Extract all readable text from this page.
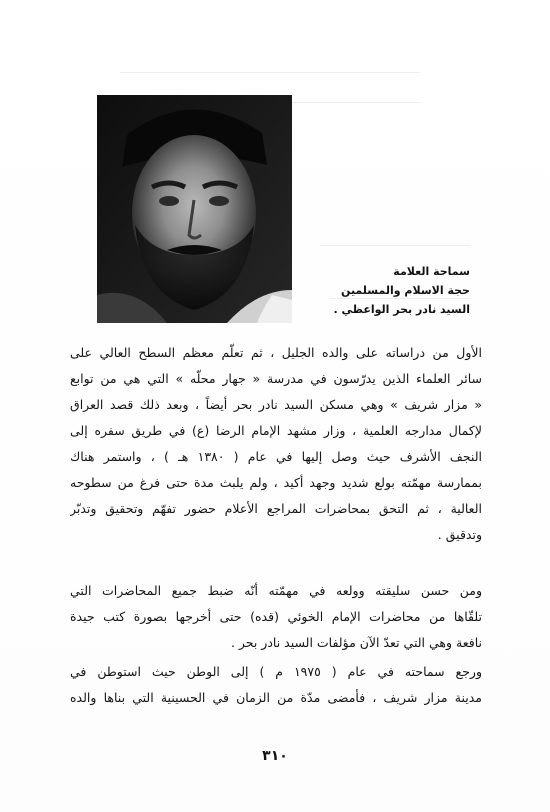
سماحة العلامة
حجة الاسلام والمسلمين
السيد نادر بحر الواعظي .
الأول من دراساته على والده الجليل ، ثم تعلّم معظم السطح العالي على
سائر العلماء الذين يدرّسون في مدرسة « جهار محلّه » التي هي من توابع
« مزار شريف » وهي مسكن السيد نادر بحر أيضاً ، وبعد ذلك قصد العراق
لإكمال مدارجه العلمية ، وزار مشهد الإمام الرضا (ع) في طريق سفره إلى
النجف الأشرف حيث وصل إليها في عام ( ١٣٨٠ هـ ) ، واستمر هناك
بممارسة مهمّته بولع شديد وجهد أكيد ، ولم يلبث مدة حتى فرغ من سطوحه
العالية ، ثم التحق بمحاضرات المراجع الأعلام حضور تفهّم وتحقيق وتدبّر
وتدقيق .
ومن حسن سليقته وولعه في مهمّته أنّه ضبط جميع المحاضرات التي
تلقّاها من محاضرات الإمام الخوئي (قده) حتى أخرجها بصورة كتب جيدة
نافعة وهي التي تعدّ الآن مؤلفات السيد نادر بحر .
ورجع سماحته في عام ( ١٩٧٥ م ) إلى الوطن حيث استوطن في
مدينة مزار شريف ، فأمضى مدّة من الزمان في الحسينية التي بناها والده
٣١٠
